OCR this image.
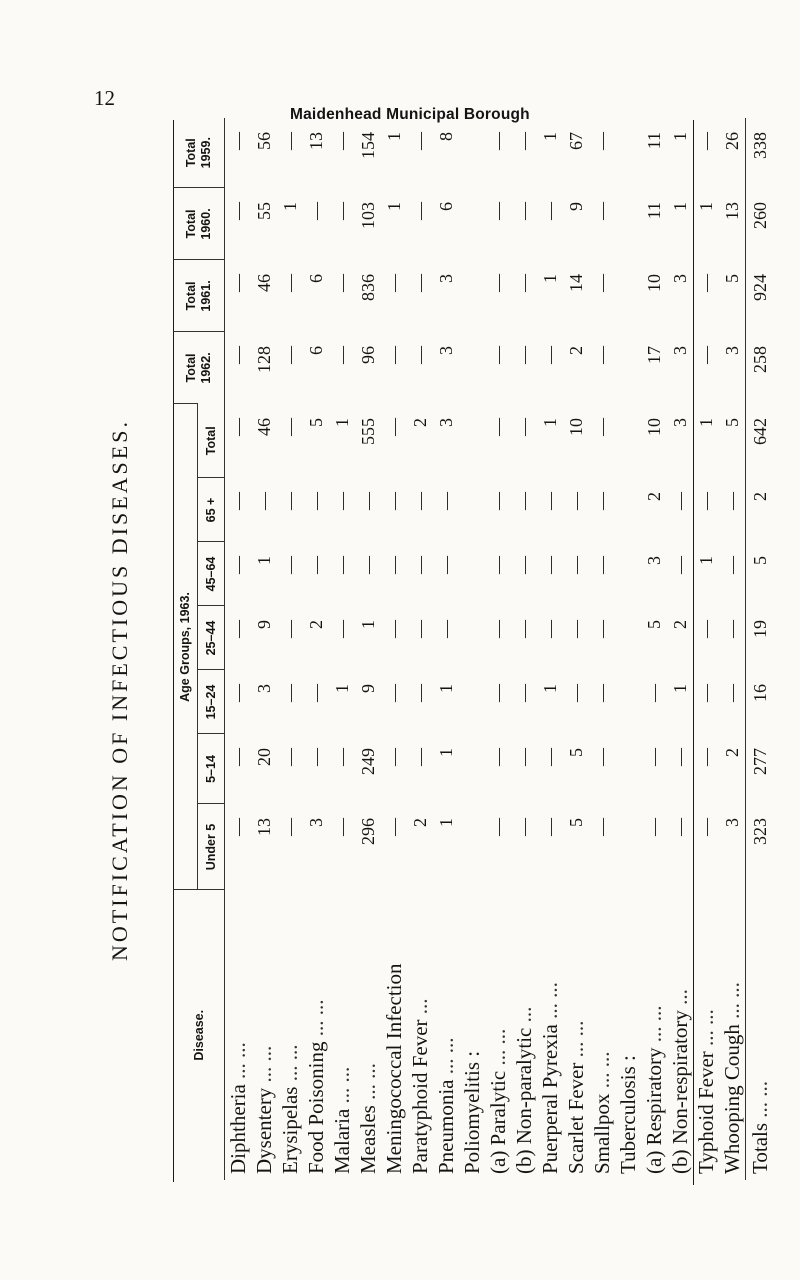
12
Maidenhead Municipal Borough
NOTIFICATION OF INFECTIOUS DISEASES.
Disease.	Age Groups, 1963.							Total 1962.	Total 1961.	Total 1960.	Total 1959.
	Under 5	5–14	15–24	25–44	45–64	65 +	Total				
Diphtheria ... ...	—	—	—	—	—	—	—	—	—	—	—
Dysentery ... ...	13	20	3	9	1	—	46	128	46	55	56
Erysipelas ... ...	—	—	—	—	—	—	—	—	—	1	—
Food Poisoning ... ...	3	—	—	2	—	—	5	6	6	—	13
Malaria ... ...	—	—	1	—	—	—	1	—	—	—	—
Measles ... ...	296	249	9	1	—	—	555	96	836	103	154
Meningococcal Infection	—	—	—	—	—	—	—	—	—	1	1
Paratyphoid Fever ...	2	—	—	—	—	—	2	—	—	—	—
Pneumonia ... ...	1	1	1	—	—	—	3	3	3	6	8
Poliomyelitis :											
(a) Paralytic ... ...	—	—	—	—	—	—	—	—	—	—	—
(b) Non-paralytic ...	—	—	—	—	—	—	—	—	—	—	—
Puerperal Pyrexia ... ...	—	—	1	—	—	—	1	—	1	—	1
Scarlet Fever ... ...	5	5	—	—	—	—	10	2	14	9	67
Smallpox ... ...	—	—	—	—	—	—	—	—	—	—	—
Tuberculosis :											
(a) Respiratory ... ...	—	—	—	5	3	2	10	17	10	11	11
(b) Non-respiratory ...	—	—	1	2	—	—	3	3	3	1	1
Typhoid Fever ... ...	—	—	—	—	1	—	1	—	—	1	—
Whooping Cough ... ...	3	2	—	—	—	—	5	3	5	13	26
Totals ... ...	323	277	16	19	5	2	642	258	924	260	338
